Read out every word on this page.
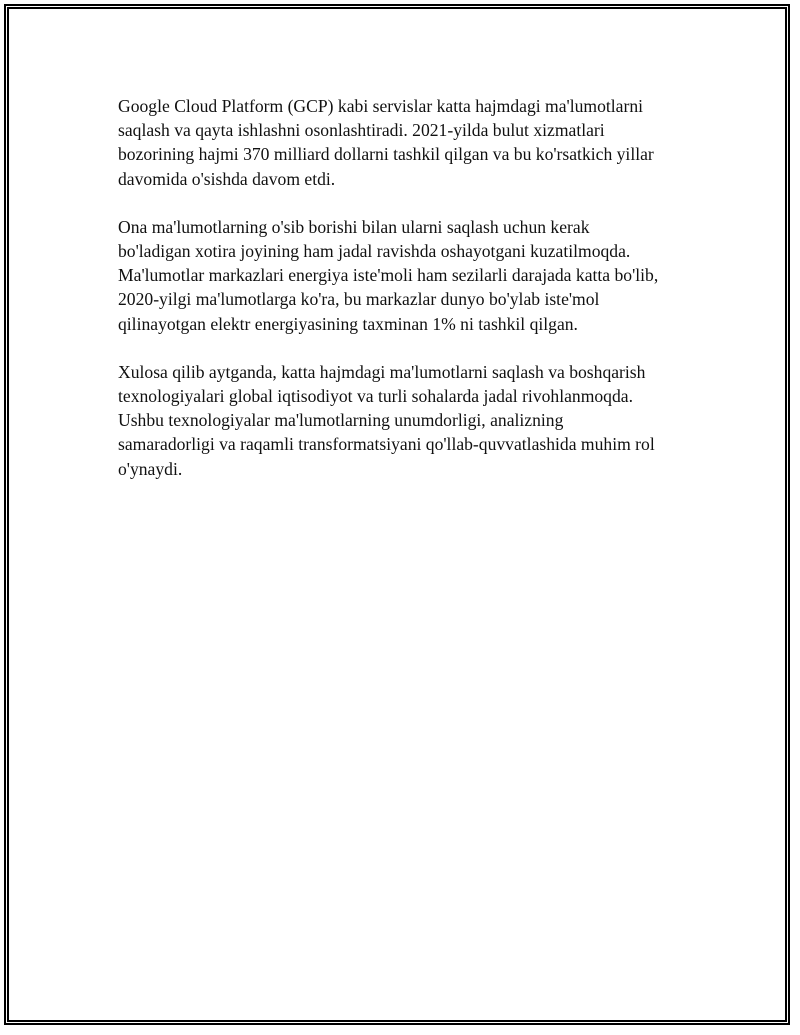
Google Cloud Platform (GCP) kabi servislar katta hajmdagi ma'lumotlarni
saqlash va qayta ishlashni osonlashtiradi. 2021-yilda bulut xizmatlari
bozorining hajmi 370 milliard dollarni tashkil qilgan va bu ko'rsatkich yillar
davomida o'sishda davom etdi.

Ona ma'lumotlarning o'sib borishi bilan ularni saqlash uchun kerak
bo'ladigan xotira joyining ham jadal ravishda oshayotgani kuzatilmoqda.
Ma'lumotlar markazlari energiya iste'moli ham sezilarli darajada katta bo'lib,
2020-yilgi ma'lumotlarga ko'ra, bu markazlar dunyo bo'ylab iste'mol
qilinayotgan elektr energiyasining taxminan 1% ni tashkil qilgan.

Xulosa qilib aytganda, katta hajmdagi ma'lumotlarni saqlash va boshqarish
texnologiyalari global iqtisodiyot va turli sohalarda jadal rivohlanmoqda.
Ushbu texnologiyalar ma'lumotlarning unumdorligi, analizning
samaradorligi va raqamli transformatsiyani qo'llab-quvvatlashida muhim rol
o'ynaydi.
